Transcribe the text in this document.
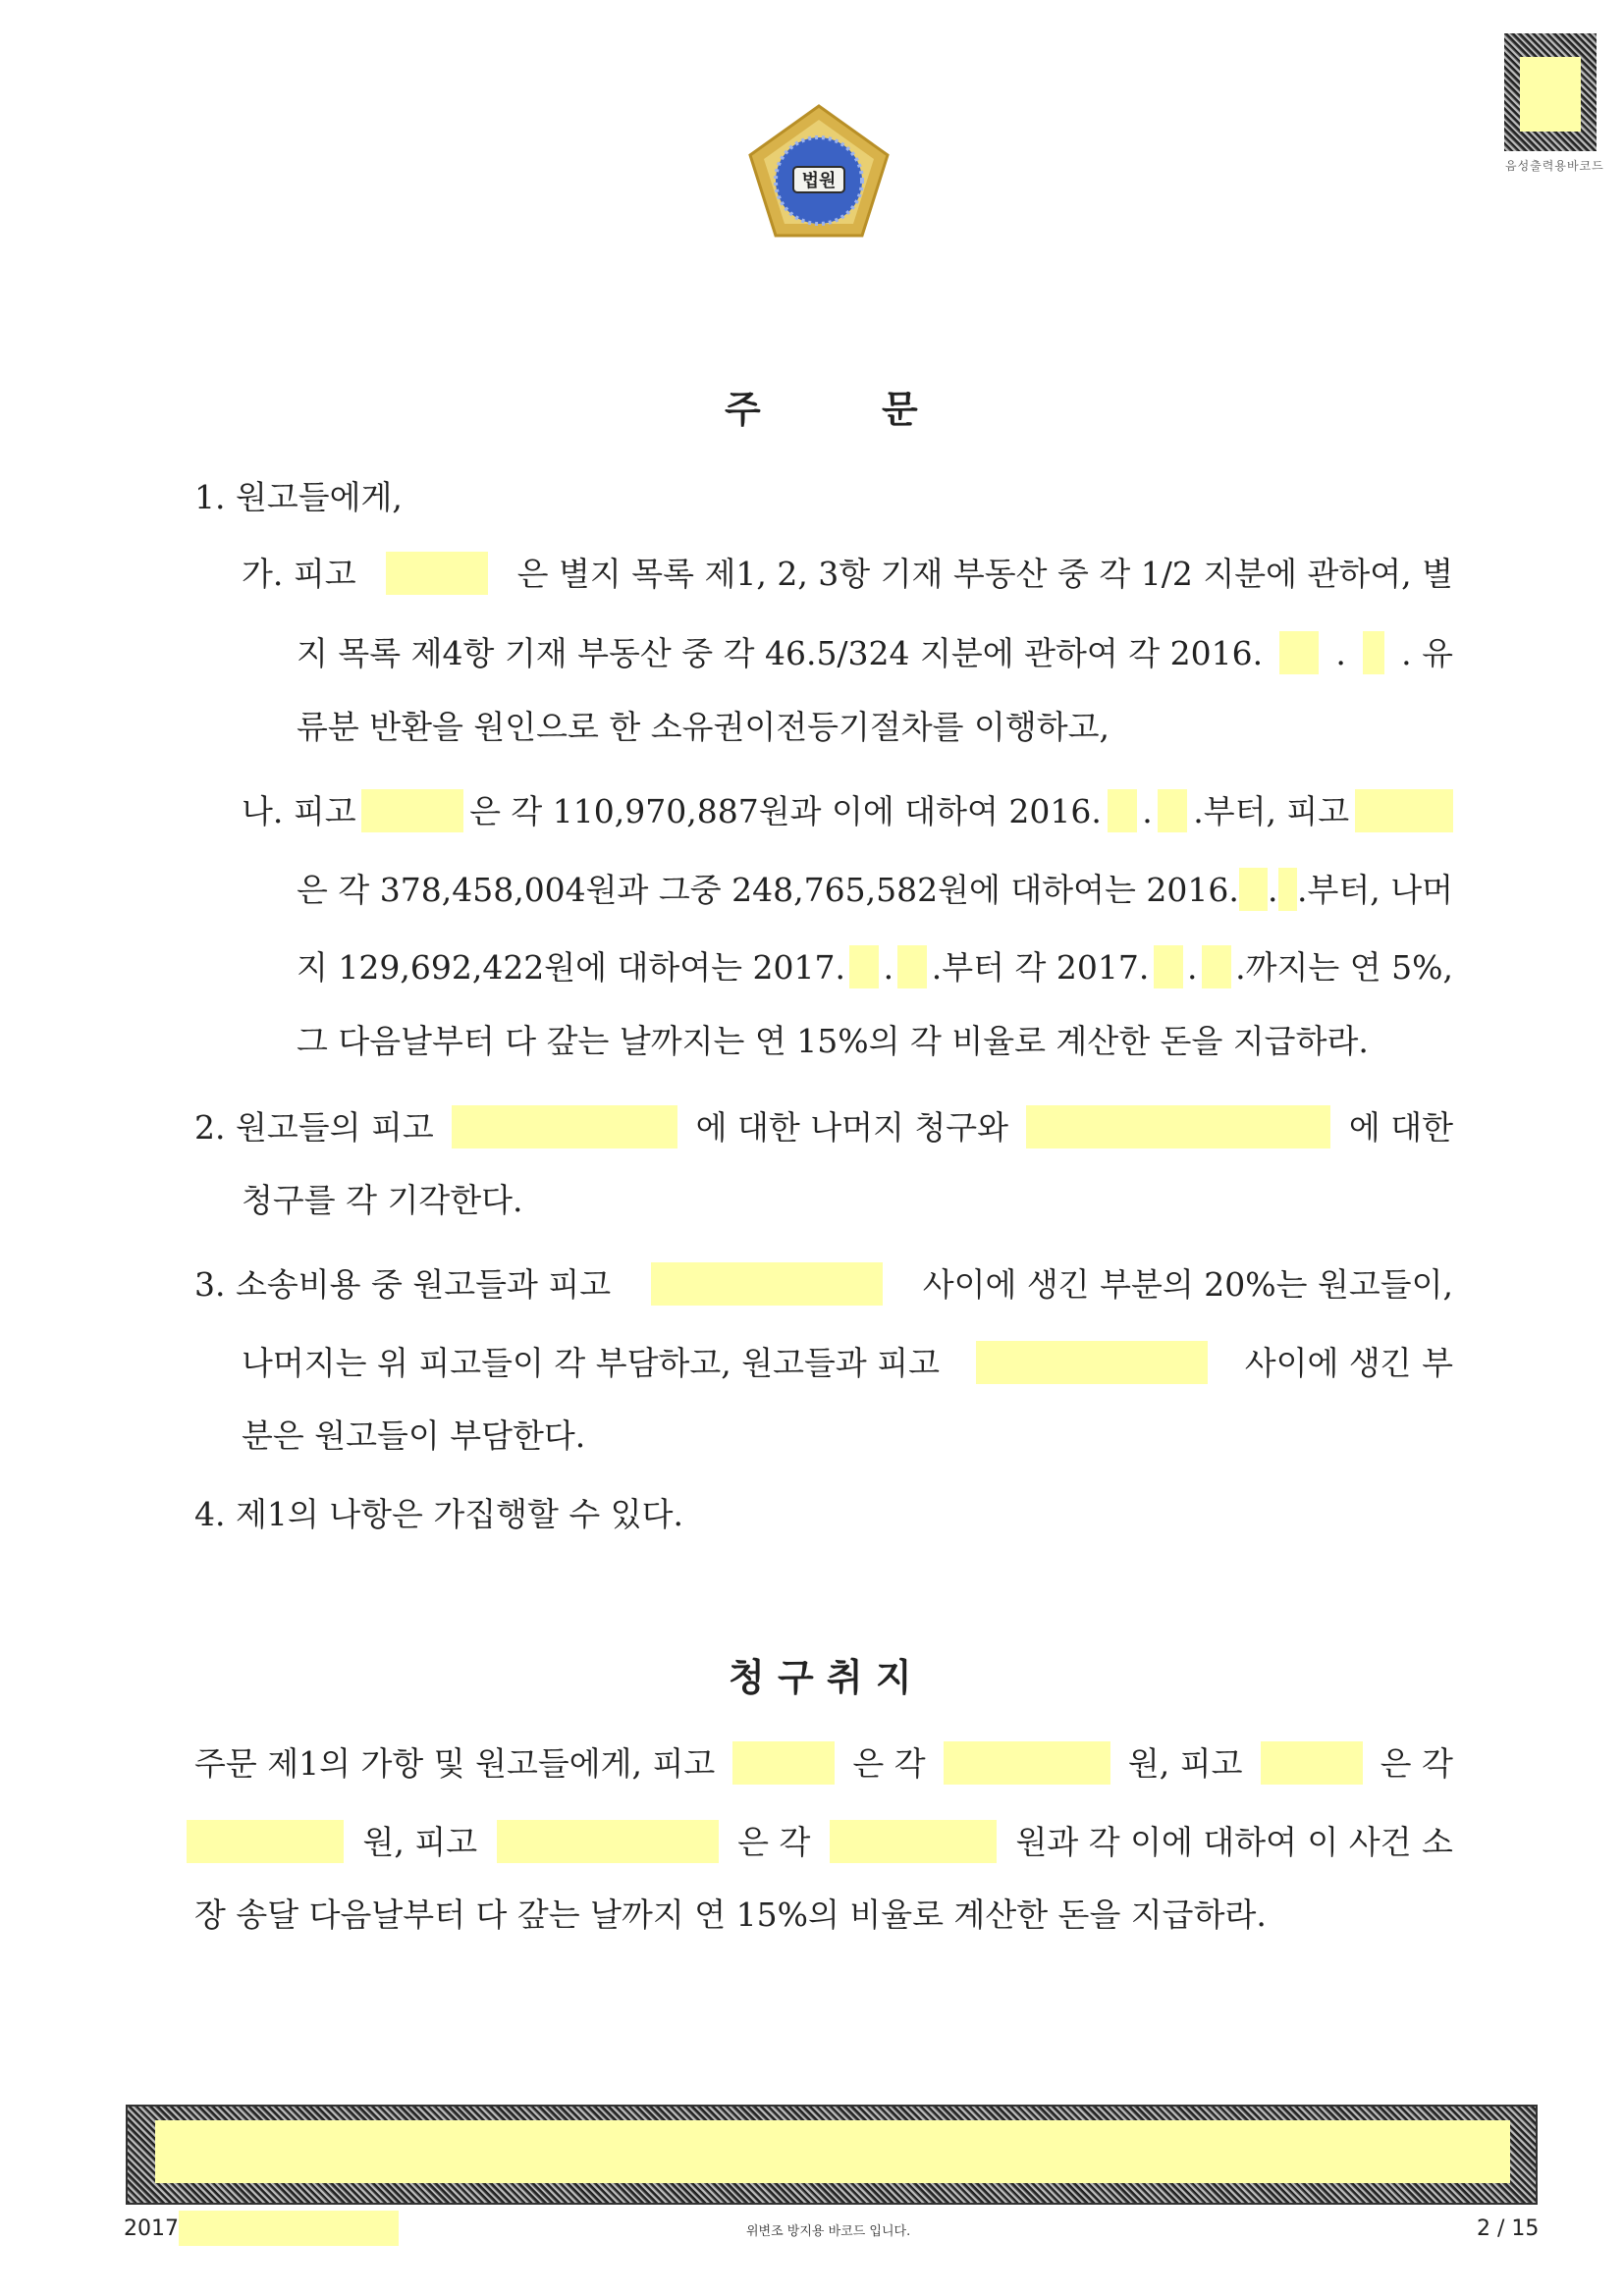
음성출력용바코드
법원
주	문
1. 원고들에게,
가. 피고	은 별지 목록 제1, 2, 3항 기재 부동산 중 각 1/2 지분에 관하여, 별
지 목록 제4항 기재 부동산 중 각 46.5/324 지분에 관하여 각 2016. . . 유
류분 반환을 원인으로 한 소유권이전등기절차를 이행하고,
나. 피고	은 각 110,970,887원과 이에 대하여 2016. . .부터, 피고
은 각 378,458,004원과 그중 248,765,582원에 대하여는 2016. . .부터, 나머
지 129,692,422원에 대하여는 2017. . .부터 각 2017. . .까지는 연 5%,
그 다음날부터 다 갚는 날까지는 연 15%의 각 비율로 계산한 돈을 지급하라.
2. 원고들의 피고	에 대한 나머지 청구와	에 대한
청구를 각 기각한다.
3. 소송비용 중 원고들과 피고	사이에 생긴 부분의 20%는 원고들이,
나머지는 위 피고들이 각 부담하고, 원고들과 피고	사이에 생긴 부
분은 원고들이 부담한다.
4. 제1의 나항은 가집행할 수 있다.
청 구 취 지
주문 제1의 가항 및 원고들에게, 피고	은 각	원, 피고	은 각
원, 피고	은 각	원과 각 이에 대하여 이 사건 소
장 송달 다음날부터 다 갚는 날까지 연 15%의 비율로 계산한 돈을 지급하라.
2017	위변조 방지용 바코드 입니다.	2 / 15
